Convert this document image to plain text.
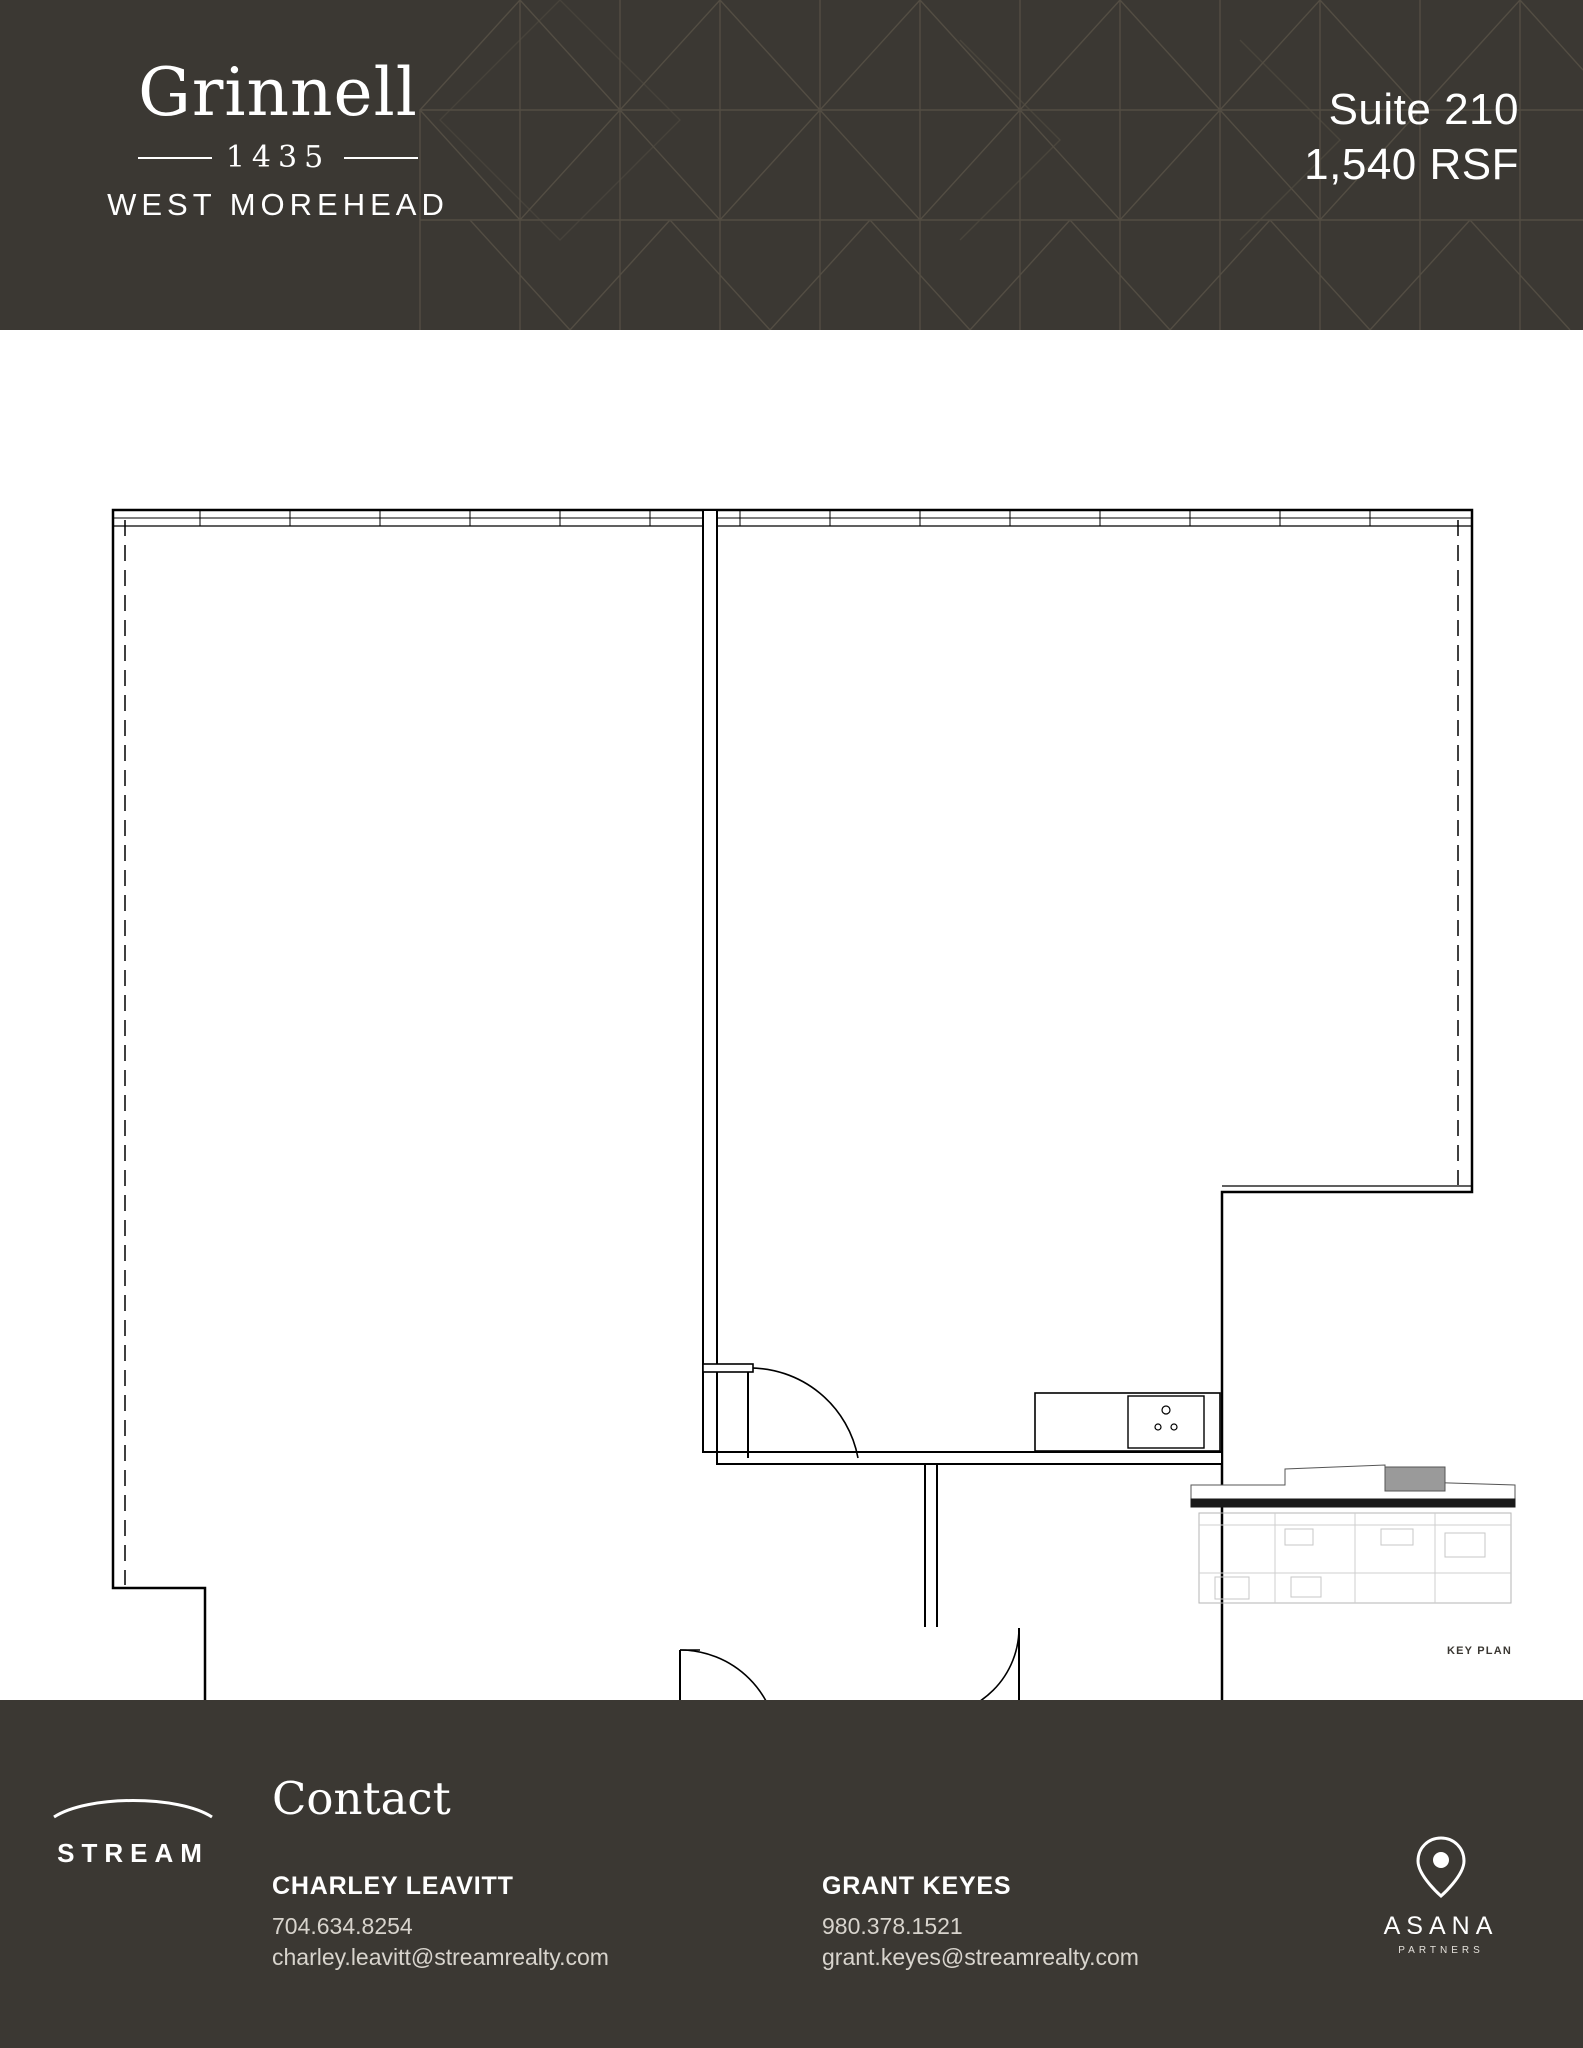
Grinnell
1435
WEST MOREHEAD
Suite 210
1,540 RSF
KEY PLAN
STREAM
Contact
CHARLEY LEAVITT
704.634.8254
charley.leavitt@streamrealty.com
GRANT KEYES
980.378.1521
grant.keyes@streamrealty.com
ASANA
PARTNERS
